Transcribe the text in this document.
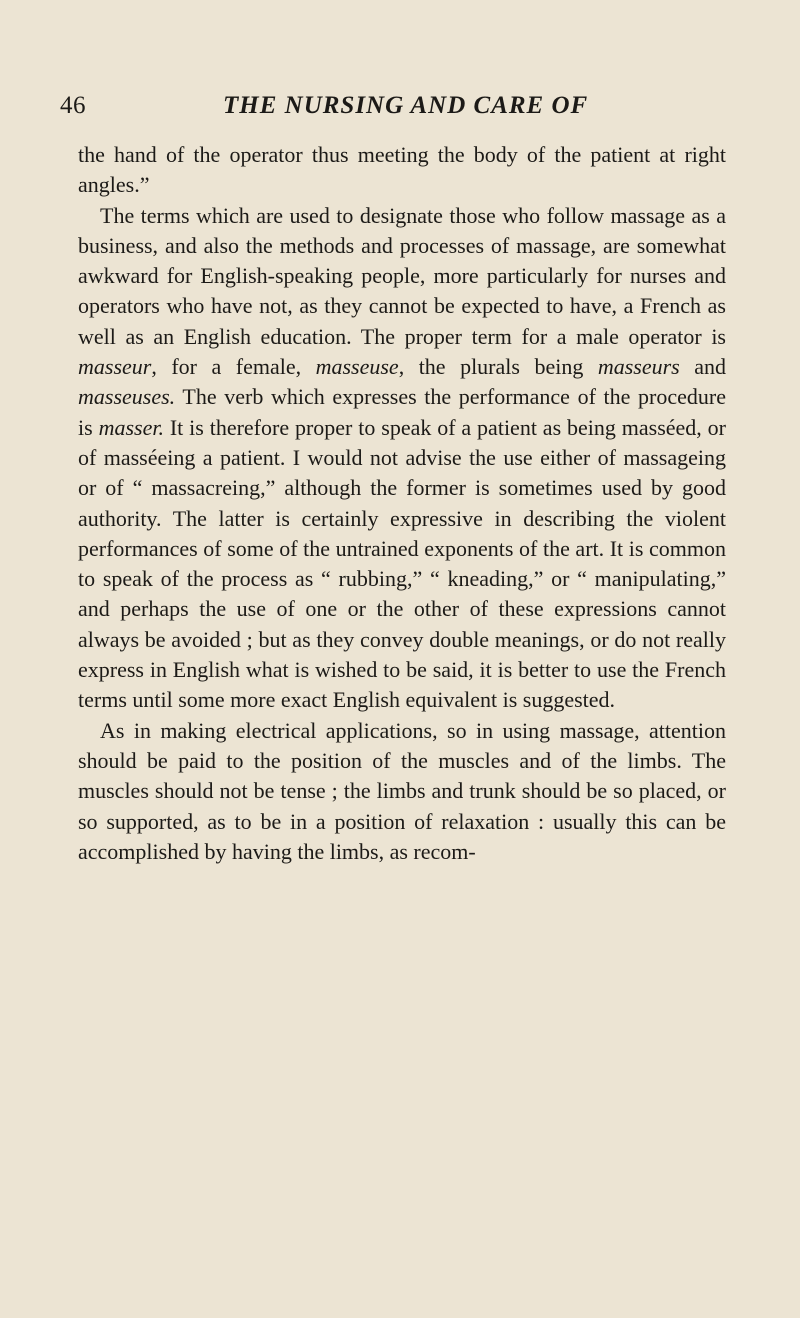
46	THE NURSING AND CARE OF

the hand of the operator thus meeting the body of the patient at right angles.”

The terms which are used to designate those who follow massage as a business, and also the methods and processes of massage, are somewhat awkward for English-speaking people, more particularly for nurses and operators who have not, as they cannot be expected to have, a French as well as an English education. The proper term for a male operator is masseur, for a female, masseuse, the plurals being masseurs and masseuses. The verb which expresses the performance of the procedure is masser. It is therefore proper to speak of a patient as being masséed, or of masséeing a patient. I would not advise the use either of massageing or of “ massacreing,” although the former is sometimes used by good authority. The latter is certainly expressive in describing the violent performances of some of the untrained exponents of the art. It is common to speak of the process as “ rubbing,” “ kneading,” or “ manipulating,” and perhaps the use of one or the other of these expressions cannot always be avoided ; but as they convey double meanings, or do not really express in English what is wished to be said, it is better to use the French terms until some more exact English equivalent is suggested.

As in making electrical applications, so in using massage, attention should be paid to the position of the muscles and of the limbs. The muscles should not be tense ; the limbs and trunk should be so placed, or so supported, as to be in a position of relaxation : usually this can be accomplished by having the limbs, as recom-
